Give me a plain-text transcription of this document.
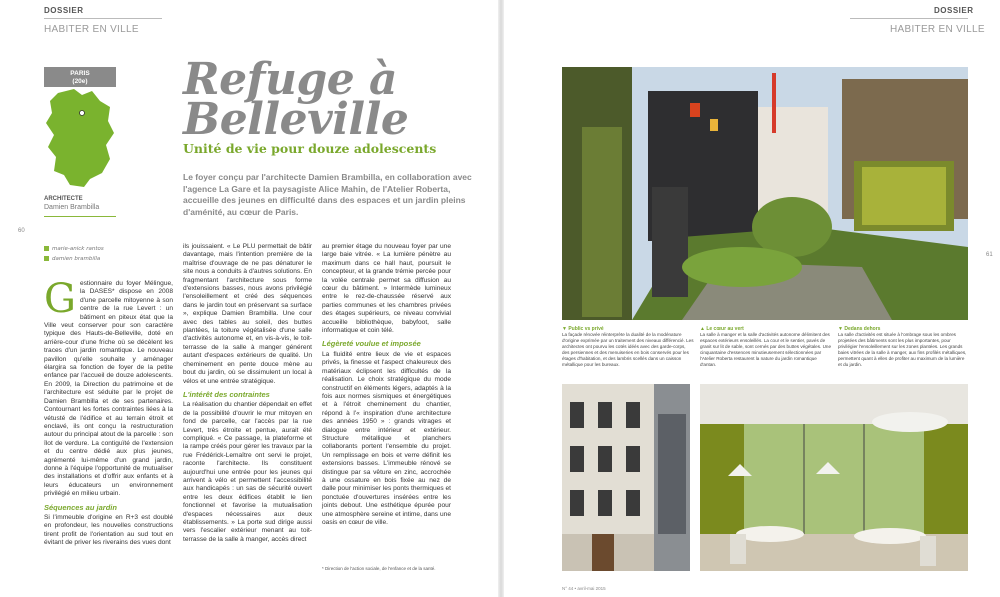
DOSSIER
HABITER EN VILLE
DOSSIER
HABITER EN VILLE
60
61
PARIS
(20e)
ARCHITECTE
Damien Brambilla
marie-anick rantos
damien brambilla
Refuge à
Belleville
Unité de vie pour douze adolescents
Le foyer conçu par l'architecte Damien Brambilla, en collaboration avec l'agence La Gare et la paysagiste Alice Mahin, de l'Atelier Roberta, accueille des jeunes en difficulté dans des espaces et un jardin pleins d'aménité, au cœur de Paris.
G estionnaire du foyer Mélingue, la DASES* dispose en 2008 d'une parcelle mitoyenne à son centre de la rue Levert : un bâtiment en piteux état que la Ville veut conserver pour son caractère typique des Hauts-de-Belleville, doté en arrière-cour d'une friche où se décèlent les traces d'un jardin romantique. Le nouveau pavillon qu'elle souhaite y aménager élargira sa fonction de foyer de la petite enfance par l'accueil de douze adolescents. En 2009, la Direction du patrimoine et de l'architecture est séduite par le projet de Damien Brambilla et de ses partenaires. Contournant les fortes contraintes liées à la vétusté de l'édifice et au terrain étroit et enclavé, ils ont conçu la restructuration autour du principal atout de la parcelle : son îlot de verdure. La contiguïté de l'extension et du centre dédié aux plus jeunes, agrémenté lui-même d'un grand jardin, donne à l'équipe l'opportunité de mutualiser des installations et d'offrir aux enfants et à leurs éducateurs un environnement privilégié en milieu urbain.

Séquences au jardin

Si l'immeuble d'origine en R+3 est doublé en profondeur, les nouvelles constructions tirent profit de l'orientation au sud tout en évitant de priver les riverains des vues dont

ils jouissaient. « Le PLU permettait de bâtir davantage, mais l'intention première de la maîtrise d'ouvrage de ne pas dénaturer le site nous a conduits à d'autres solutions. En fragmentant l'architecture sous forme d'extensions basses, nous avons privilégié l'ensoleillement et créé des séquences dans le jardin tout en préservant sa surface », explique Damien Brambilla. Une cour avec des tables au soleil, des buttes plantées, la toiture végétalisée d'une salle d'activités autonome et, en vis-à-vis, le toit-terrasse de la salle à manger générent autant d'espaces extérieurs de qualité. Un cheminement en pente douce mène au bout du jardin, où se dissimulent un local à vélos et une entrée stratégique.

L'intérêt des contraintes

La réalisation du chantier dépendait en effet de la possibilité d'ouvrir le mur mitoyen en fond de parcelle, car l'accès par la rue Levert, très étroite et pentue, aurait été compliqué. « Ce passage, la plateforme et la rampe créés pour gérer les travaux par la rue Frédérick-Lemaître ont servi le projet, raconte l'architecte. Ils constituent aujourd'hui une entrée pour les jeunes qui arrivent à vélo et permettent l'accessibilité aux handicapés : un sas de sécurité ouvert entre les deux édifices établit le lien fonctionnel et favorise la mutualisation d'espaces nécessaires aux deux établissements. » La porte sud dirige aussi vers l'escalier extérieur menant au toit-terrasse de la salle à manger, accès direct

au premier étage du nouveau foyer par une large baie vitrée. « La lumière pénètre au maximum dans ce hall haut, poursuit le concepteur, et la grande trémie percée pour la volée centrale permet sa diffusion au cœur du bâtiment. » Intermède lumineux entre le rez-de-chaussée réservé aux parties communes et les chambres privées des étages supérieurs, ce niveau convivial accueille bibliothèque, babyfoot, salle informatique et coin télé.

Légèreté voulue et imposée

La fluidité entre lieux de vie et espaces privés, la finesse et l'aspect chaleureux des matériaux éclipsent les difficultés de la réalisation. Le choix stratégique du mode constructif en éléments légers, adaptés à la fois aux normes sismiques et énergétiques et à l'étroit cheminement du chantier, répond à l'« inspiration d'une architecture des années 1950 » : grands vitrages et dialogue entre intérieur et extérieur. Structure métallique et planchers collaborants portent l'ensemble du projet. Un remplissage en bois et verre définit les extensions basses. L'immeuble rénové se distingue par sa vêture en zinc, accrochée à une ossature en bois fixée au nez de dalle pour minimiser les ponts thermiques et ponctuée d'ouvertures insérées entre les joints debout. Une esthétique épurée pour une atmosphère sereine et intime, dans une oasis en cœur de ville.

* Direction de l'action sociale, de l'enfance et de la santé.
▼ Public vs privé
La façade rénovée réinterprète la dualité de la modénature d'origine exprimée par un traitement des niveaux différencié. Les architectes ont pourvu les cotés idéés avec des garde-corps, des persiennes et des menuiseries en bois conservés pour les étages d'habitation, et des lambris scellés dans un caisson métallique pour les bureaux.
▲ Le cœur au vert
La salle à manger et la salle d'activités autonome délimitent des espaces extérieurs ensoleillés. La cour et le sentier, pavés de granit sur lit de sable, sont cernés par des buttes végétales. Une cinquantaine d'essences minutieusement sélectionnées par l'Atelier Roberta restaurent la nature du jardin romantique d'antan.
▼ Dedans dehors
La salle d'activités est située à l'ombrage sous les ombres projetées des bâtiments sont les plus importantes, pour privilégier l'ensoleillement sur les zones plantées. Les grands baies vitrées de la salle à manger, aux fins profilés métalliques, permettent quant à elles de profiter au maximum de la lumière et du jardin.
N° 44 • avril-mai 2015
